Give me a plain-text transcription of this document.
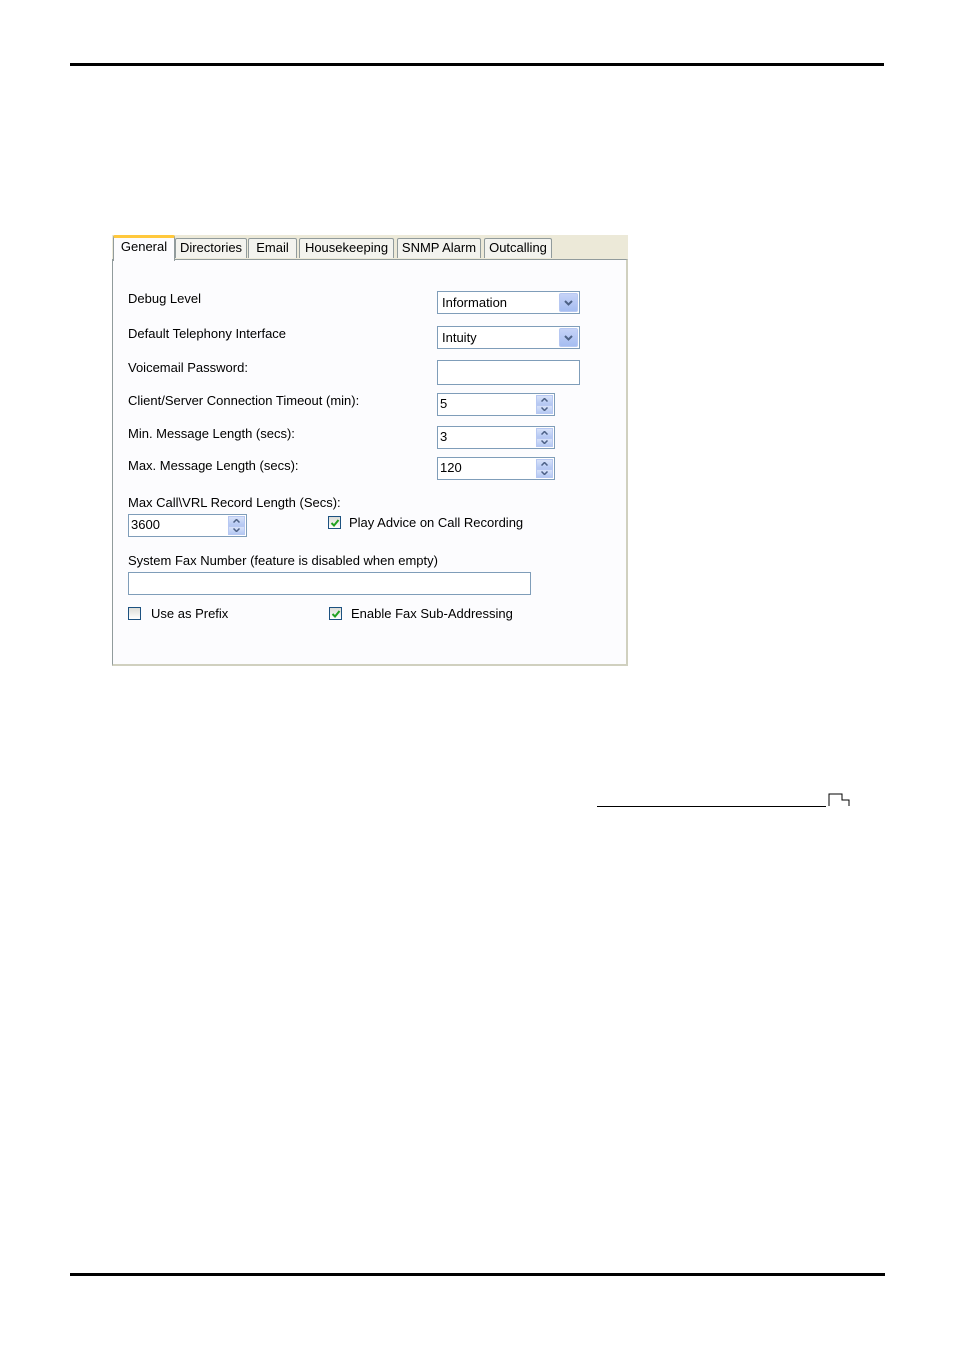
General Directories	Email	Housekeeping	SNMP Alarm	Outcalling
Debug Level	Information
Default Telephony Interface	Intuity
Voicemail Password:
Client/Server Connection Timeout (min):	5
Min. Message Length (secs):	3
Max. Message Length (secs):	120
Max Call\VRL Record Length (Secs):
3600	Play Advice on Call Recording
System Fax Number (feature is disabled when empty)
Use as Prefix	Enable Fax Sub-Addressing
